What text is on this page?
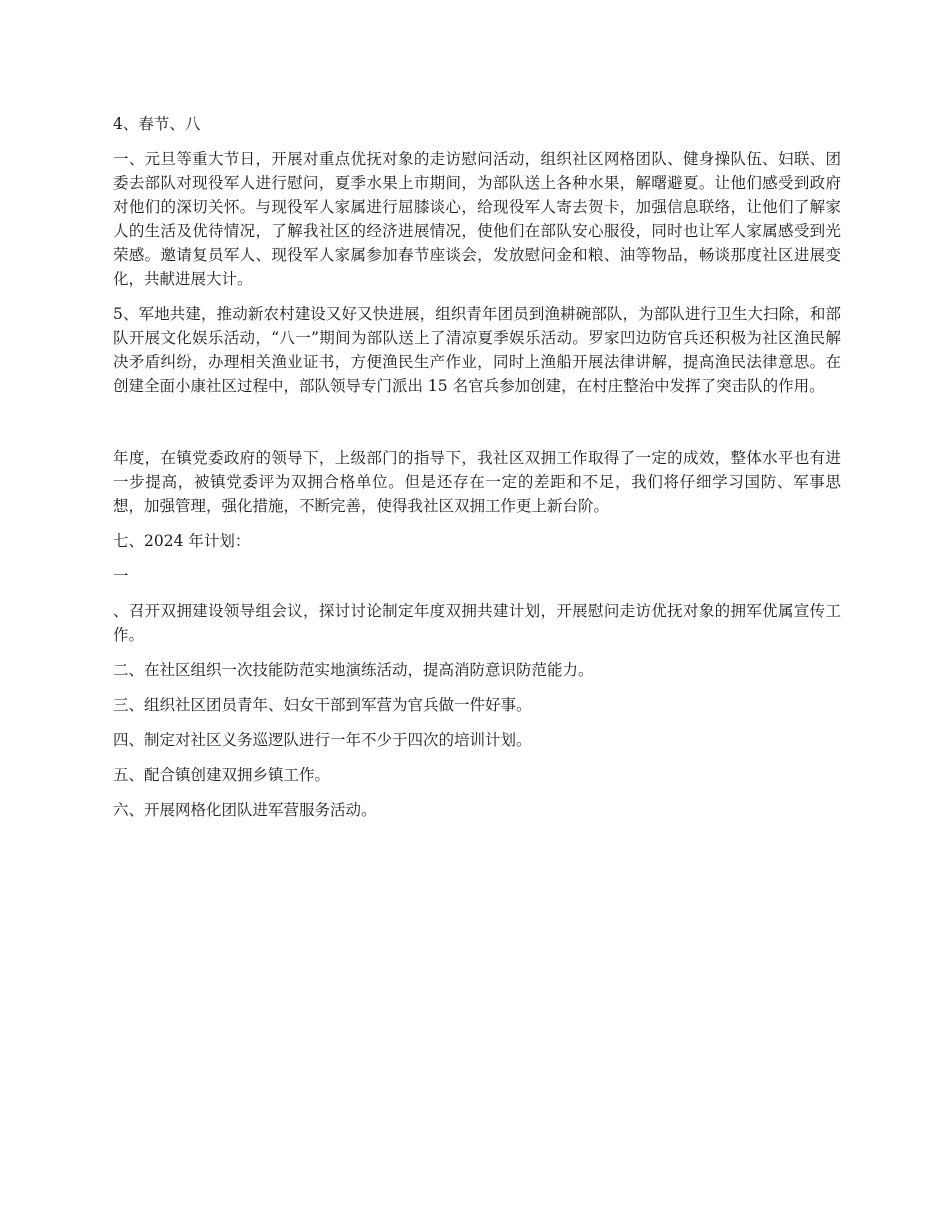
4、春节、八

一、元旦等重大节日，开展对重点优抚对象的走访慰问活动，组织社区网格团队、健身操队伍、妇联、团委去部队对现役军人进行慰问，夏季水果上市期间，为部队送上各种水果，解曙避夏。让他们感受到政府对他们的深切关怀。与现役军人家属进行屈膝谈心，给现役军人寄去贺卡，加强信息联络，让他们了解家人的生活及优待情况，了解我社区的经济进展情况，使他们在部队安心服役，同时也让军人家属感受到光荣感。邀请复员军人、现役军人家属参加春节座谈会，发放慰问金和粮、油等物品，畅谈那度社区进展变化，共献进展大计。

5、军地共建，推动新农村建设又好又快进展，组织青年团员到渔耕碗部队，为部队进行卫生大扫除，和部队开展文化娱乐活动，“八一”期间为部队送上了清凉夏季娱乐活动。罗家凹边防官兵还积极为社区渔民解决矛盾纠纷，办理相关渔业证书，方便渔民生产作业，同时上渔船开展法律讲解，提高渔民法律意思。在创建全面小康社区过程中，部队领导专门派出 15 名官兵参加创建，在村庄整治中发挥了突击队的作用。

年度，在镇党委政府的领导下，上级部门的指导下，我社区双拥工作取得了一定的成效，整体水平也有进一步提高，被镇党委评为双拥合格单位。但是还存在一定的差距和不足，我们将仔细学习国防、军事思想，加强管理，强化措施，不断完善，使得我社区双拥工作更上新台阶。

七、2024 年计划：

一

、召开双拥建设领导组会议，探讨讨论制定年度双拥共建计划，开展慰问走访优抚对象的拥军优属宣传工作。

二、在社区组织一次技能防范实地演练活动，提高消防意识防范能力。

三、组织社区团员青年、妇女干部到军营为官兵做一件好事。

四、制定对社区义务巡逻队进行一年不少于四次的培训计划。

五、配合镇创建双拥乡镇工作。

六、开展网格化团队进军营服务活动。
